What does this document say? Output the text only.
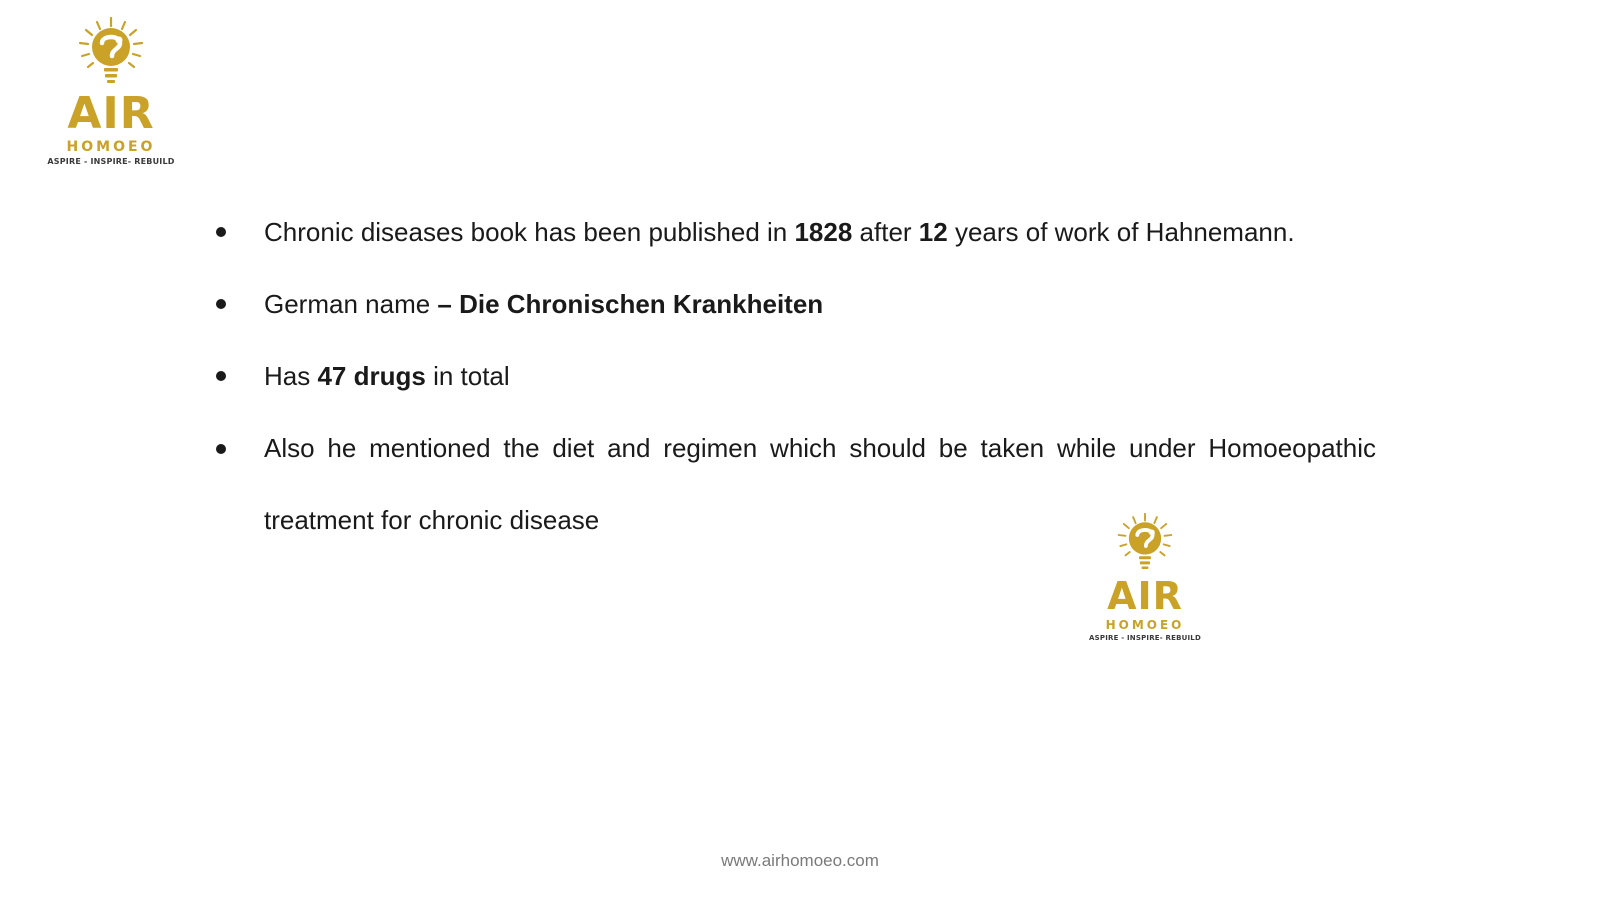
AIR
HOMOEO
ASPIRE - INSPIRE- REBUILD
Chronic diseases book has been published in 1828 after 12 years of work of Hahnemann.
German name – Die Chronischen Krankheiten
Has 47 drugs in total
Also he mentioned the diet and regimen which should be taken while under Homoeopathic treatment for chronic disease
AIR
HOMOEO
ASPIRE - INSPIRE- REBUILD
www.airhomoeo.com
